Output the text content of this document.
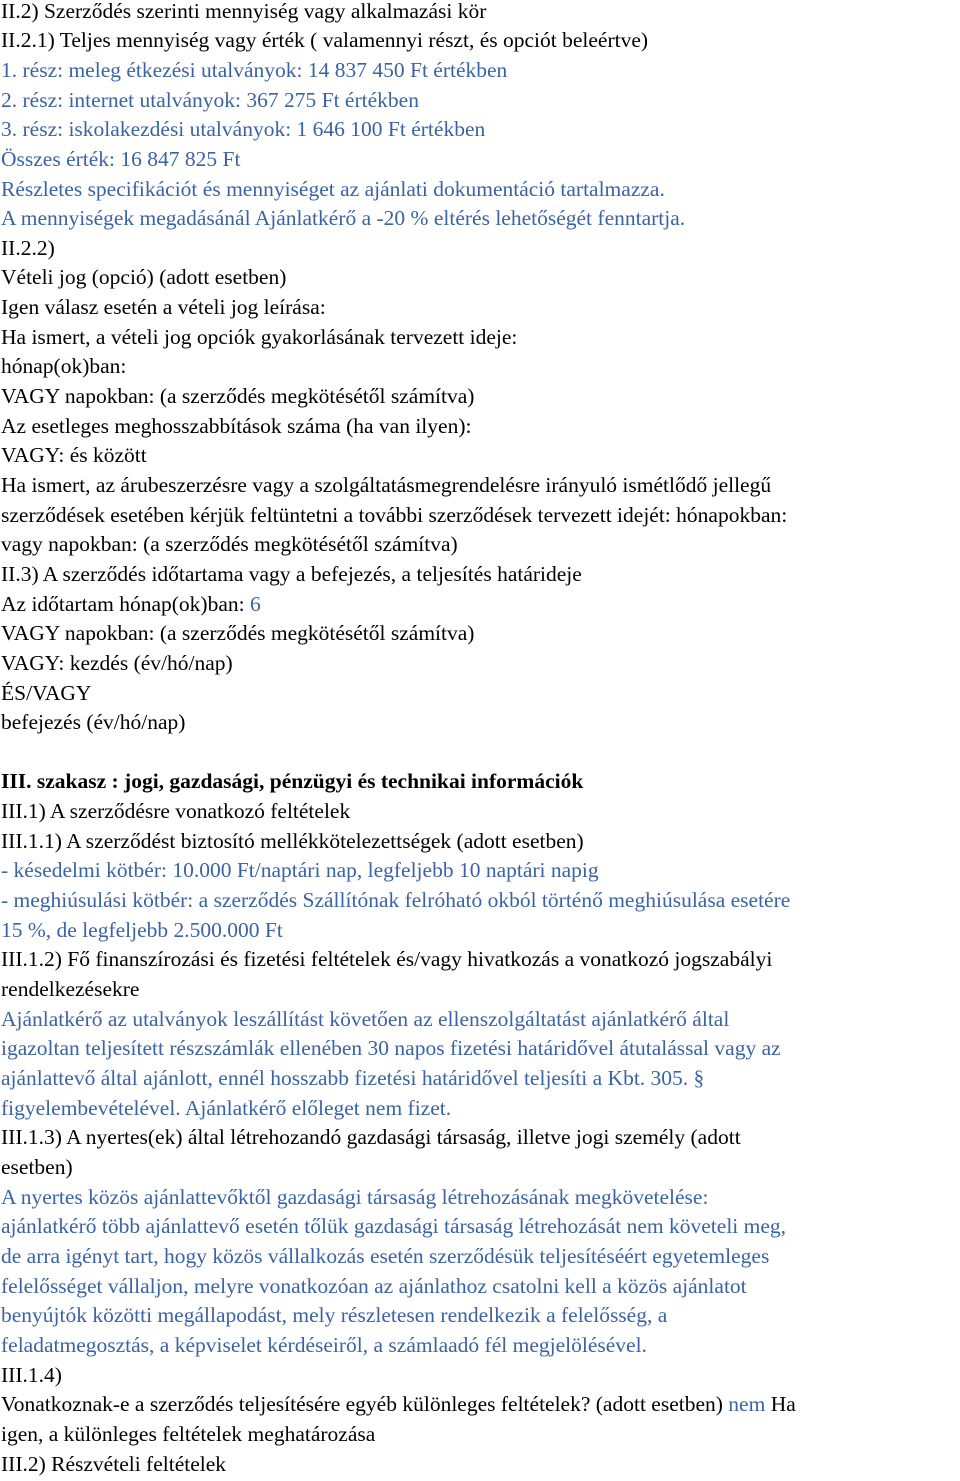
II.2) Szerződés szerinti mennyiség vagy alkalmazási kör
II.2.1) Teljes mennyiség vagy érték ( valamennyi részt, és opciót beleértve)
1. rész: meleg étkezési utalványok: 14 837 450 Ft értékben
2. rész: internet utalványok: 367 275 Ft értékben
3. rész: iskolakezdési utalványok: 1 646 100 Ft értékben
Összes érték: 16 847 825 Ft
Részletes specifikációt és mennyiséget az ajánlati dokumentáció tartalmazza.
A mennyiségek megadásánál Ajánlatkérő a -20 % eltérés lehetőségét fenntartja.
II.2.2)
Vételi jog (opció) (adott esetben)
Igen válasz esetén a vételi jog leírása:
Ha ismert, a vételi jog opciók gyakorlásának tervezett ideje:
hónap(ok)ban:
VAGY napokban: (a szerződés megkötésétől számítva)
Az esetleges meghosszabbítások száma (ha van ilyen):
VAGY: és között
Ha ismert, az árubeszerzésre vagy a szolgáltatásmegrendelésre irányuló ismétlődő jellegű
szerződések esetében kérjük feltüntetni a további szerződések tervezett idejét: hónapokban:
vagy napokban: (a szerződés megkötésétől számítva)
II.3) A szerződés időtartama vagy a befejezés, a teljesítés határideje
Az időtartam hónap(ok)ban: 6
VAGY napokban: (a szerződés megkötésétől számítva)
VAGY: kezdés (év/hó/nap)
ÉS/VAGY
befejezés (év/hó/nap)
III. szakasz : jogi, gazdasági, pénzügyi és technikai információk
III.1) A szerződésre vonatkozó feltételek
III.1.1) A szerződést biztosító mellékkötelezettségek (adott esetben)
- késedelmi kötbér: 10.000 Ft/naptári nap, legfeljebb 10 naptári napig
- meghiúsulási kötbér: a szerződés Szállítónak felróható okból történő meghiúsulása esetére
15 %, de legfeljebb 2.500.000 Ft
III.1.2) Fő finanszírozási és fizetési feltételek és/vagy hivatkozás a vonatkozó jogszabályi
rendelkezésekre
Ajánlatkérő az utalványok leszállítást követően az ellenszolgáltatást ajánlatkérő által
igazoltan teljesített részszámlák ellenében 30 napos fizetési határidővel átutalással vagy az
ajánlattevő által ajánlott, ennél hosszabb fizetési határidővel teljesíti a Kbt. 305. §
figyelembevételével. Ajánlatkérő előleget nem fizet.
III.1.3) A nyertes(ek) által létrehozandó gazdasági társaság, illetve jogi személy (adott
esetben)
A nyertes közös ajánlattevőktől gazdasági társaság létrehozásának megkövetelése:
ajánlatkérő több ajánlattevő esetén tőlük gazdasági társaság létrehozását nem követeli meg,
de arra igényt tart, hogy közös vállalkozás esetén szerződésük teljesítéséért egyetemleges
felelősséget vállaljon, melyre vonatkozóan az ajánlathoz csatolni kell a közös ajánlatot
benyújtók közötti megállapodást, mely részletesen rendelkezik a felelősség, a
feladatmegosztás, a képviselet kérdéseiről, a számlaadó fél megjelölésével.
III.1.4)
Vonatkoznak-e a szerződés teljesítésére egyéb különleges feltételek? (adott esetben) nem Ha
igen, a különleges feltételek meghatározása
III.2) Részvételi feltételek
